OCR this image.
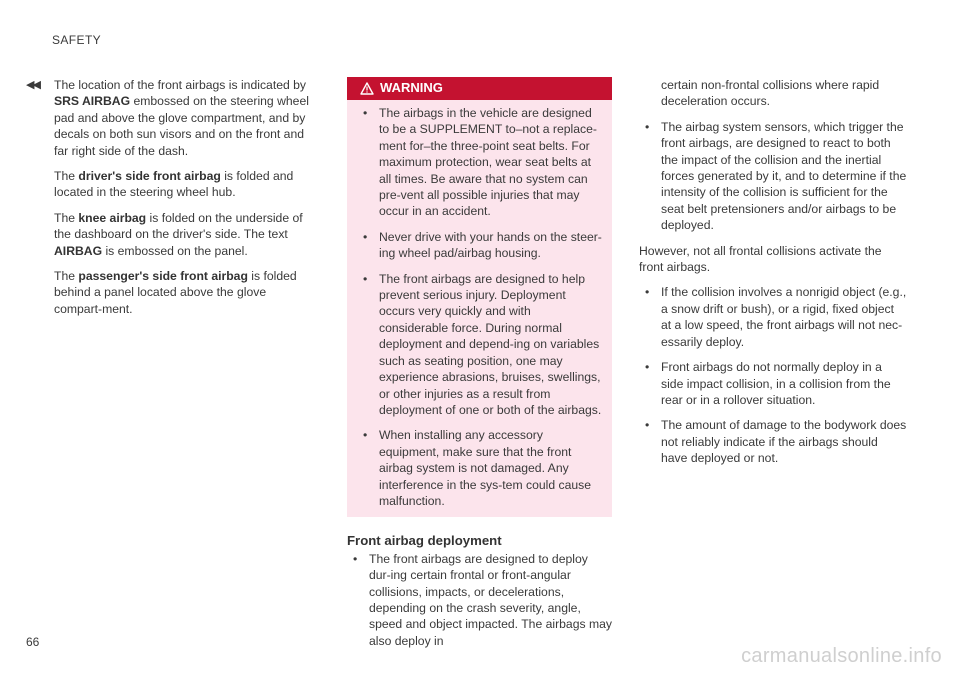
SAFETY
◀◀ The location of the front airbags is indicated by SRS AIRBAG embossed on the steering wheel pad and above the glove compartment, and by decals on both sun visors and on the front and far right side of the dash.

The driver's side front airbag is folded and located in the steering wheel hub.

The knee airbag is folded on the underside of the dashboard on the driver's side. The text AIRBAG is embossed on the panel.

The passenger's side front airbag is folded behind a panel located above the glove compart-ment.

WARNING
• The airbags in the vehicle are designed to be a SUPPLEMENT to–not a replace-ment for–the three-point seat belts. For maximum protection, wear seat belts at all times. Be aware that no system can pre-vent all possible injuries that may occur in an accident.
• Never drive with your hands on the steer-ing wheel pad/airbag housing.
• The front airbags are designed to help prevent serious injury. Deployment occurs very quickly and with considerable force. During normal deployment and depend-ing on variables such as seating position, one may experience abrasions, bruises, swellings, or other injuries as a result from deployment of one or both of the airbags.
• When installing any accessory equipment, make sure that the front airbag system is not damaged. Any interference in the sys-tem could cause malfunction.
Front airbag deployment
• The front airbags are designed to deploy dur-ing certain frontal or front-angular collisions, impacts, or decelerations, depending on the crash severity, angle, speed and object impacted. The airbags may also deploy in
certain non-frontal collisions where rapid deceleration occurs.
• The airbag system sensors, which trigger the front airbags, are designed to react to both the impact of the collision and the inertial forces generated by it, and to determine if the intensity of the collision is sufficient for the seat belt pretensioners and/or airbags to be deployed.

However, not all frontal collisions activate the front airbags.

• If the collision involves a nonrigid object (e.g., a snow drift or bush), or a rigid, fixed object at a low speed, the front airbags will not nec-essarily deploy.
• Front airbags do not normally deploy in a side impact collision, in a collision from the rear or in a rollover situation.
• The amount of damage to the bodywork does not reliably indicate if the airbags should have deployed or not.
66
carmanualsonline.info
